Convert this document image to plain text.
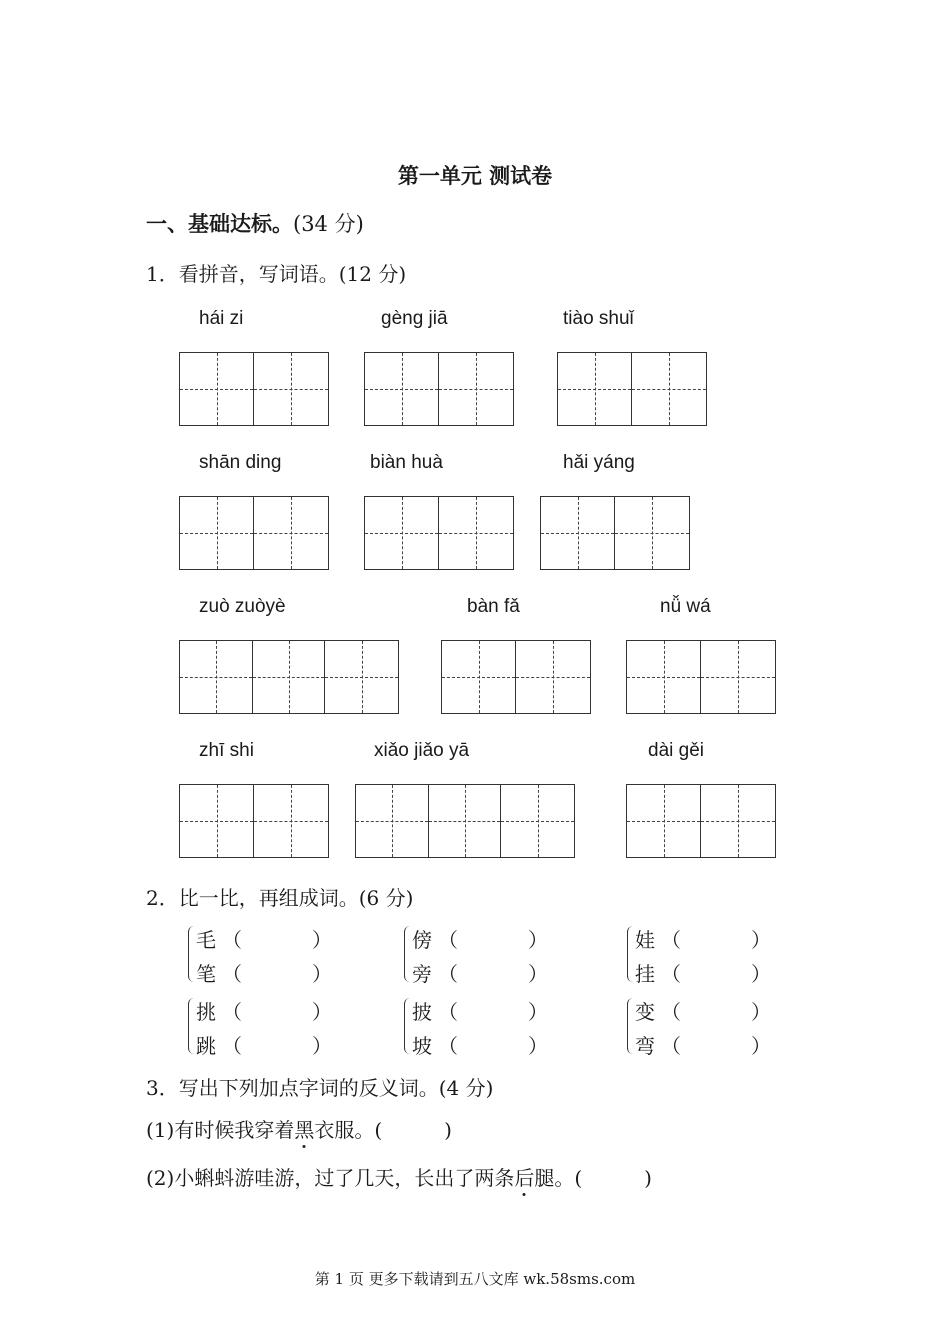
第一单元 测试卷
一、基础达标。(34 分)
1．看拼音，写词语。(12 分)
hái zi	gèng jiā	tiào shuǐ
shān ding	biàn huà	hǎi yáng
zuò zuòyè	bàn fǎ	nǚ wá
zhī shi	xiǎo jiǎo yā	dài gěi
2．比一比，再组成词。(6 分)
毛 （	）
笔 （	）
傍 （	）
旁 （	）
娃 （	）
挂 （	）
挑 （	）
跳 （	）
披 （	）
坡 （	）
变 （	）
弯 （	）
3．写出下列加点字词的反义词。(4 分)
(1)有时候我穿着黑衣服。(	)
(2)小蝌蚪游哇游，过了几天，长出了两条后腿。(	)
第 1 页 更多下载请到五八文库 wk.58sms.com
